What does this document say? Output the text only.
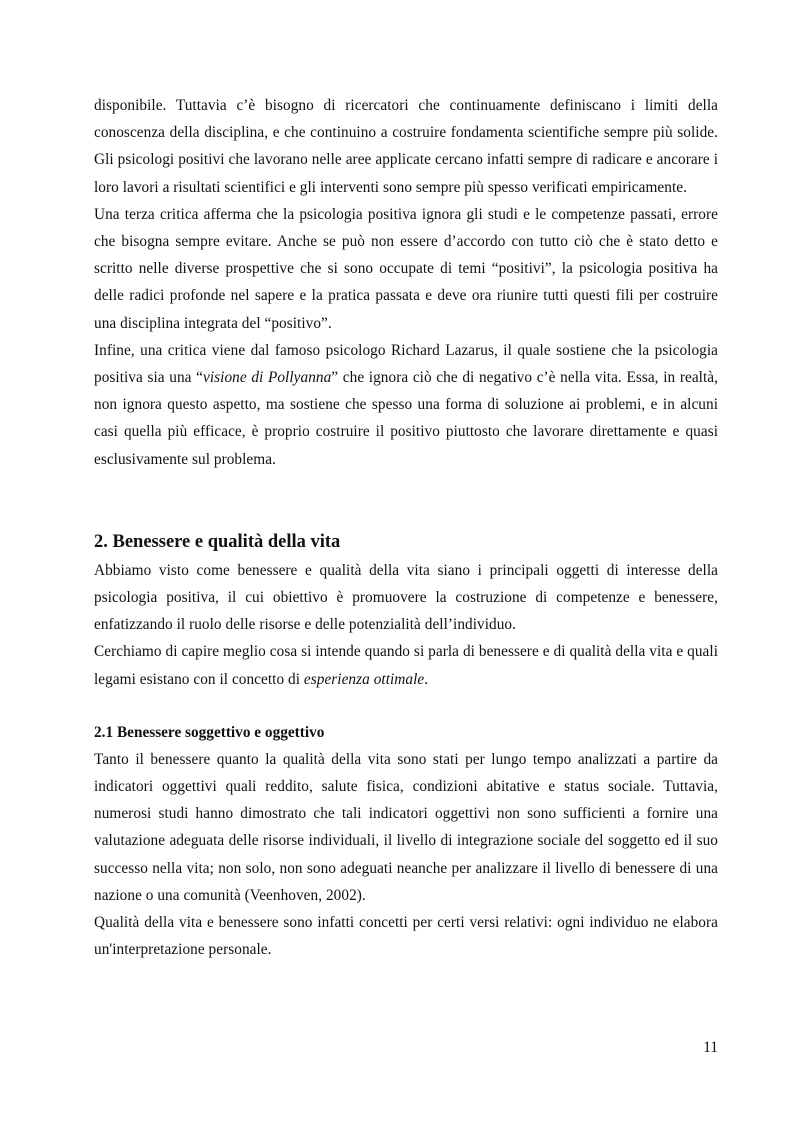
disponibile. Tuttavia c’è bisogno di ricercatori che continuamente definiscano i limiti della conoscenza della disciplina, e che continuino a costruire fondamenta scientifiche sempre più solide. Gli psicologi positivi che lavorano nelle aree applicate cercano infatti sempre di radicare e ancorare i loro lavori a risultati scientifici e gli interventi sono sempre più spesso verificati empiricamente.

Una terza critica afferma che la psicologia positiva ignora gli studi e le competenze passati, errore che bisogna sempre evitare. Anche se può non essere d’accordo con tutto ciò che è stato detto e scritto nelle diverse prospettive che si sono occupate di temi “positivi”, la psicologia positiva ha delle radici profonde nel sapere e la pratica passata e deve ora riunire tutti questi fili per costruire una disciplina integrata del “positivo”.

Infine, una critica viene dal famoso psicologo Richard Lazarus, il quale sostiene che la psicologia positiva sia una “visione di Pollyanna” che ignora ciò che di negativo c’è nella vita. Essa, in realtà, non ignora questo aspetto, ma sostiene che spesso una forma di soluzione ai problemi, e in alcuni casi quella più efficace, è proprio costruire il positivo piuttosto che lavorare direttamente e quasi esclusivamente sul problema.

2. Benessere e qualità della vita

Abbiamo visto come benessere e qualità della vita siano i principali oggetti di interesse della psicologia positiva, il cui obiettivo è promuovere la costruzione di competenze e benessere, enfatizzando il ruolo delle risorse e delle potenzialità dell’individuo.

Cerchiamo di capire meglio cosa si intende quando si parla di benessere e di qualità della vita e quali legami esistano con il concetto di esperienza ottimale.

2.1 Benessere soggettivo e oggettivo

Tanto il benessere quanto la qualità della vita sono stati per lungo tempo analizzati a partire da indicatori oggettivi quali reddito, salute fisica, condizioni abitative e status sociale. Tuttavia, numerosi studi hanno dimostrato che tali indicatori oggettivi non sono sufficienti a fornire una valutazione adeguata delle risorse individuali, il livello di integrazione sociale del soggetto ed il suo successo nella vita; non solo, non sono adeguati neanche per analizzare il livello di benessere di una nazione o una comunità (Veenhoven, 2002).

Qualità della vita e benessere sono infatti concetti per certi versi relativi: ogni individuo ne elabora un'interpretazione personale.

11
